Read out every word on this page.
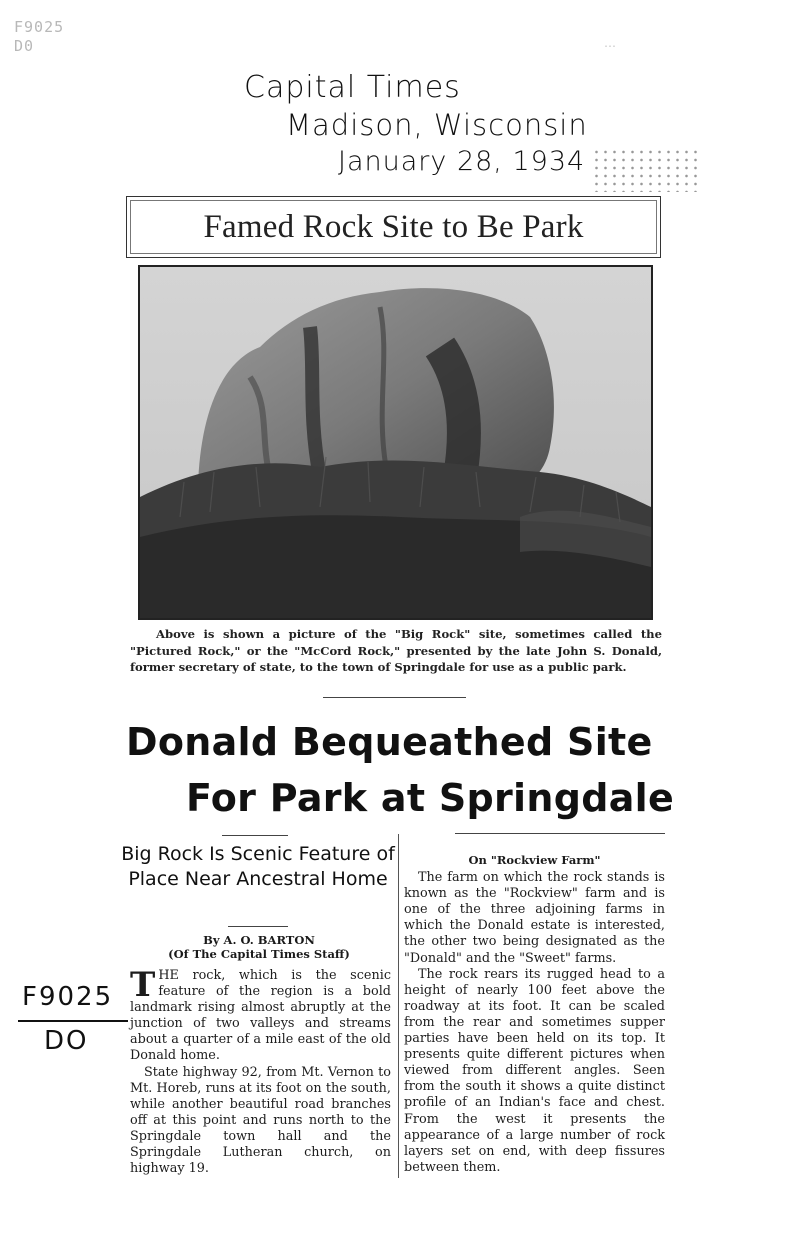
F9025
D0	…
Capital Times
Madison, Wisconsin
January 28, 1934
Famed Rock Site to Be Park
Above is shown a picture of the "Big Rock" site, sometimes called the "Pictured Rock," or the "McCord Rock," presented by the late John S. Donald, former secretary of state, to the town of Springdale for use as a public park.
Donald Bequeathed Site
For Park at Springdale
Big Rock Is Scenic Feature of Place Near Ancestral Home
By A. O. BARTON
(Of The Capital Times Staff)

THE rock, which is the scenic feature of the region is a bold landmark rising almost abruptly at the junction of two valleys and streams about a quarter of a mile east of the old Donald home.

State highway 92, from Mt. Vernon to Mt. Horeb, runs at its foot on the south, while another beautiful road branches off at this point and runs north to the Springdale town hall and the Springdale Lutheran church, on highway 19.

On "Rockview Farm"

The farm on which the rock stands is known as the "Rockview" farm and is one of the three adjoining farms in which the Donald estate is interested, the other two being designated as the "Donald" and the "Sweet" farms.

The rock rears its rugged head to a height of nearly 100 feet above the roadway at its foot. It can be scaled from the rear and sometimes supper parties have been held on its top. It presents quite different pictures when viewed from different angles. Seen from the south it shows a quite distinct profile of an Indian's face and chest. From the west it presents the appearance of a large number of rock layers set on end, with deep fissures between them.

F9025
DO
